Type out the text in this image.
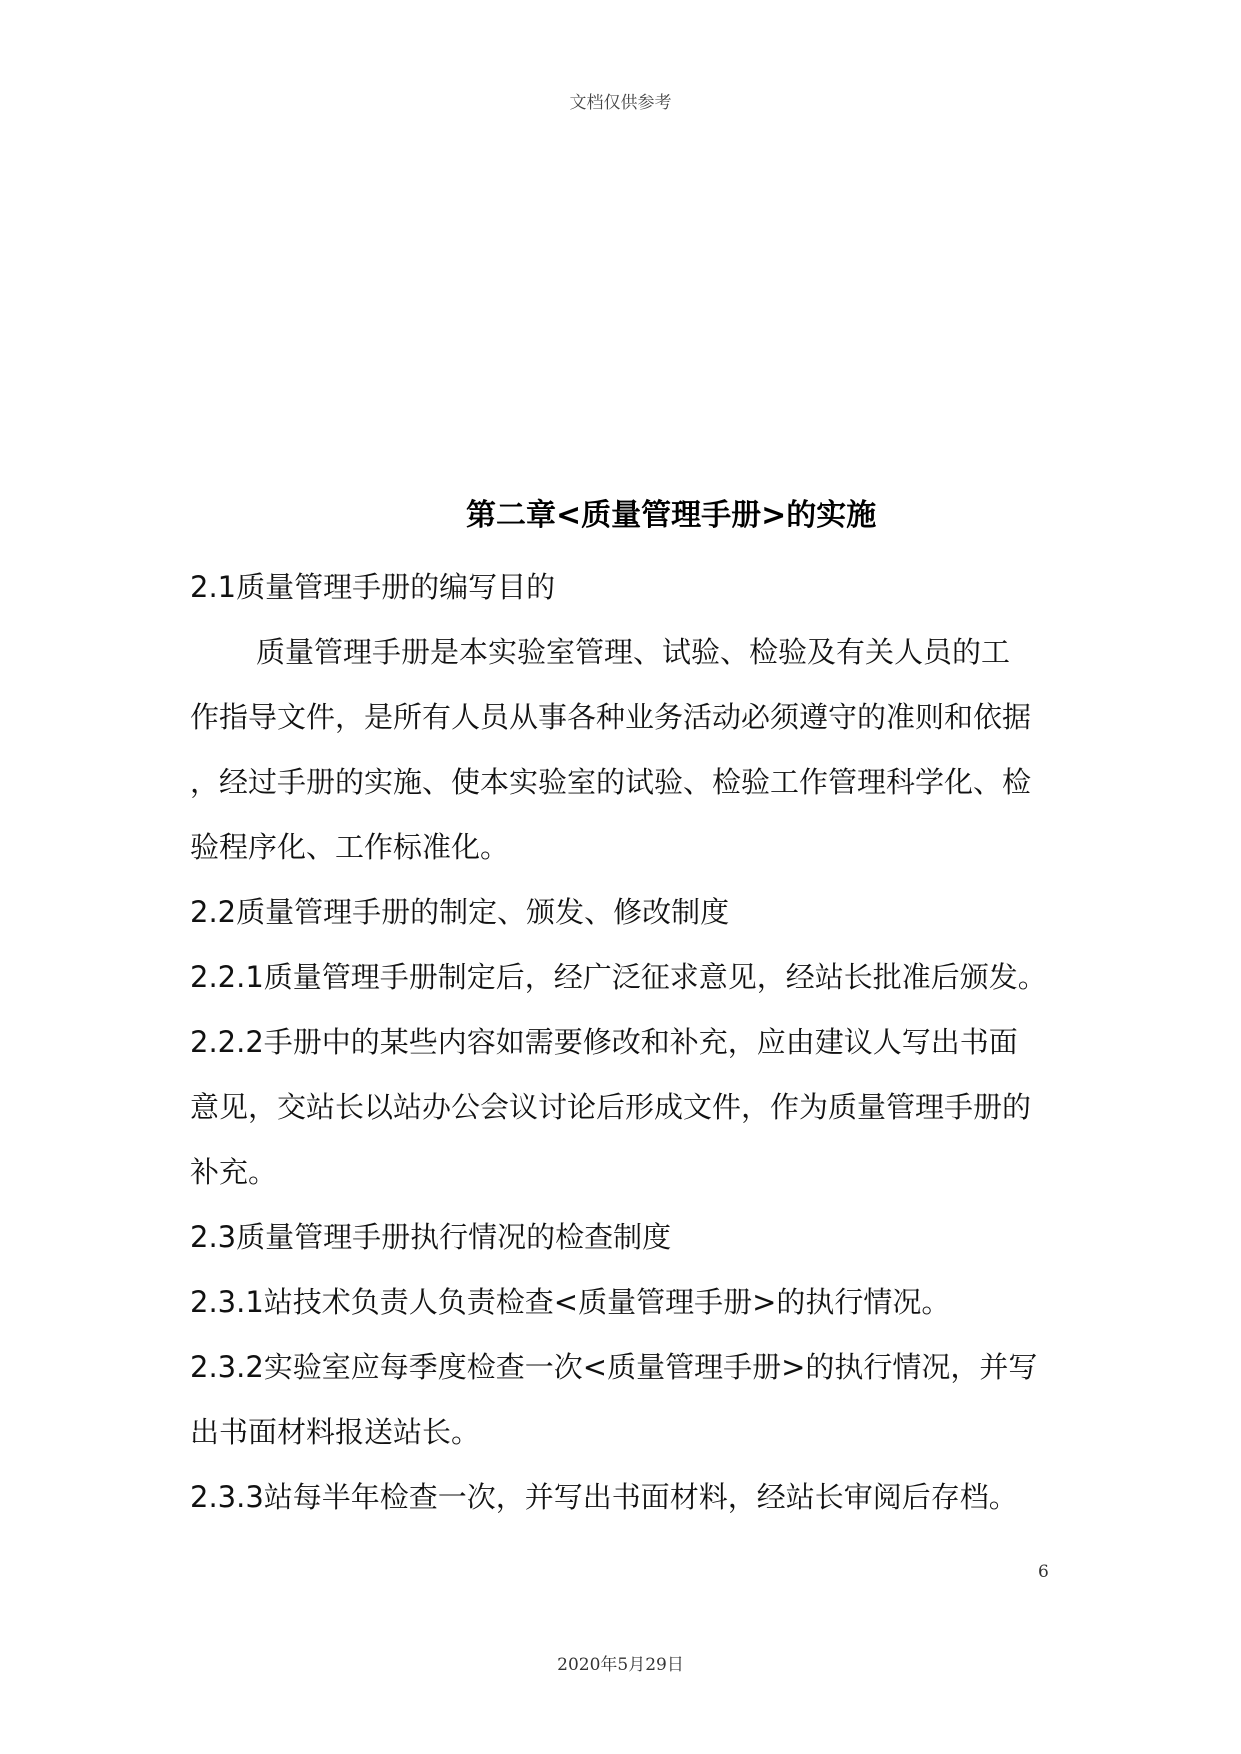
文档仅供参考
第二章<质量管理手册>的实施
2.1质量管理手册的编写目的
质量管理手册是本实验室管理、试验、检验及有关人员的工
作指导文件，是所有人员从事各种业务活动必须遵守的准则和依据
，经过手册的实施、使本实验室的试验、检验工作管理科学化、检
验程序化、工作标准化。
2.2质量管理手册的制定、颁发、修改制度
2.2.1质量管理手册制定后，经广泛征求意见，经站长批准后颁发。
2.2.2手册中的某些内容如需要修改和补充，应由建议人写出书面
意见，交站长以站办公会议讨论后形成文件，作为质量管理手册的
补充。
2.3质量管理手册执行情况的检查制度
2.3.1站技术负责人负责检查<质量管理手册>的执行情况。
2.3.2实验室应每季度检查一次<质量管理手册>的执行情况，并写
出书面材料报送站长。
2.3.3站每半年检查一次，并写出书面材料，经站长审阅后存档。
6
2020年5月29日
